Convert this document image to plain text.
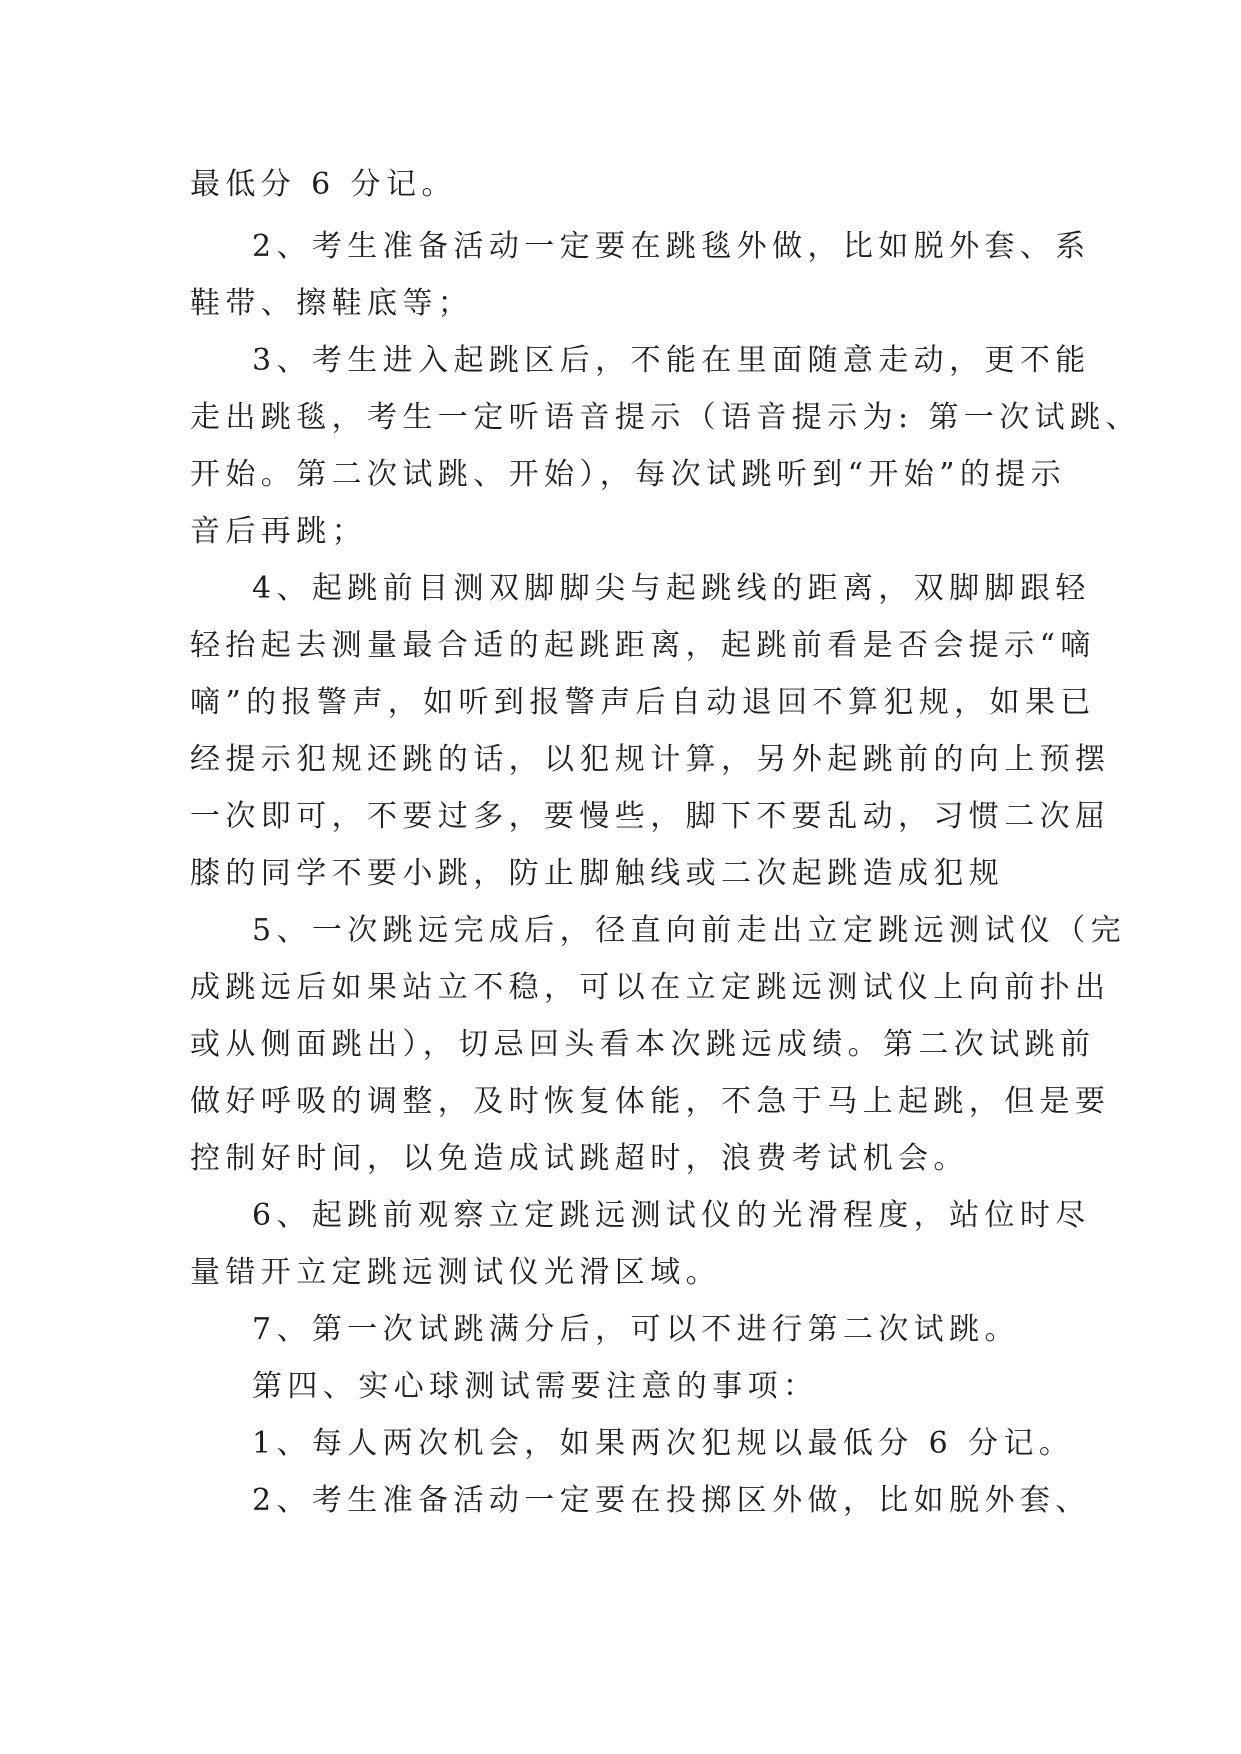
最低分 6 分记。
2、考生准备活动一定要在跳毯外做，比如脱外套、系
鞋带、擦鞋底等；
3、考生进入起跳区后，不能在里面随意走动，更不能
走出跳毯，考生一定听语音提示（语音提示为: 第一次试跳、
开始。第二次试跳、开始），每次试跳听到“开始”的提示
音后再跳；
4、起跳前目测双脚脚尖与起跳线的距离，双脚脚跟轻
轻抬起去测量最合适的起跳距离，起跳前看是否会提示“嘀
嘀”的报警声，如听到报警声后自动退回不算犯规，如果已
经提示犯规还跳的话，以犯规计算，另外起跳前的向上预摆
一次即可，不要过多，要慢些，脚下不要乱动，习惯二次屈
膝的同学不要小跳，防止脚触线或二次起跳造成犯规
5、一次跳远完成后，径直向前走出立定跳远测试仪（完
成跳远后如果站立不稳，可以在立定跳远测试仪上向前扑出
或从侧面跳出），切忌回头看本次跳远成绩。第二次试跳前
做好呼吸的调整，及时恢复体能，不急于马上起跳，但是要
控制好时间，以免造成试跳超时，浪费考试机会。
6、起跳前观察立定跳远测试仪的光滑程度，站位时尽
量错开立定跳远测试仪光滑区域。
7、第一次试跳满分后，可以不进行第二次试跳。
第四、实心球测试需要注意的事项：
1、每人两次机会，如果两次犯规以最低分 6 分记。
2、考生准备活动一定要在投掷区外做，比如脱外套、
